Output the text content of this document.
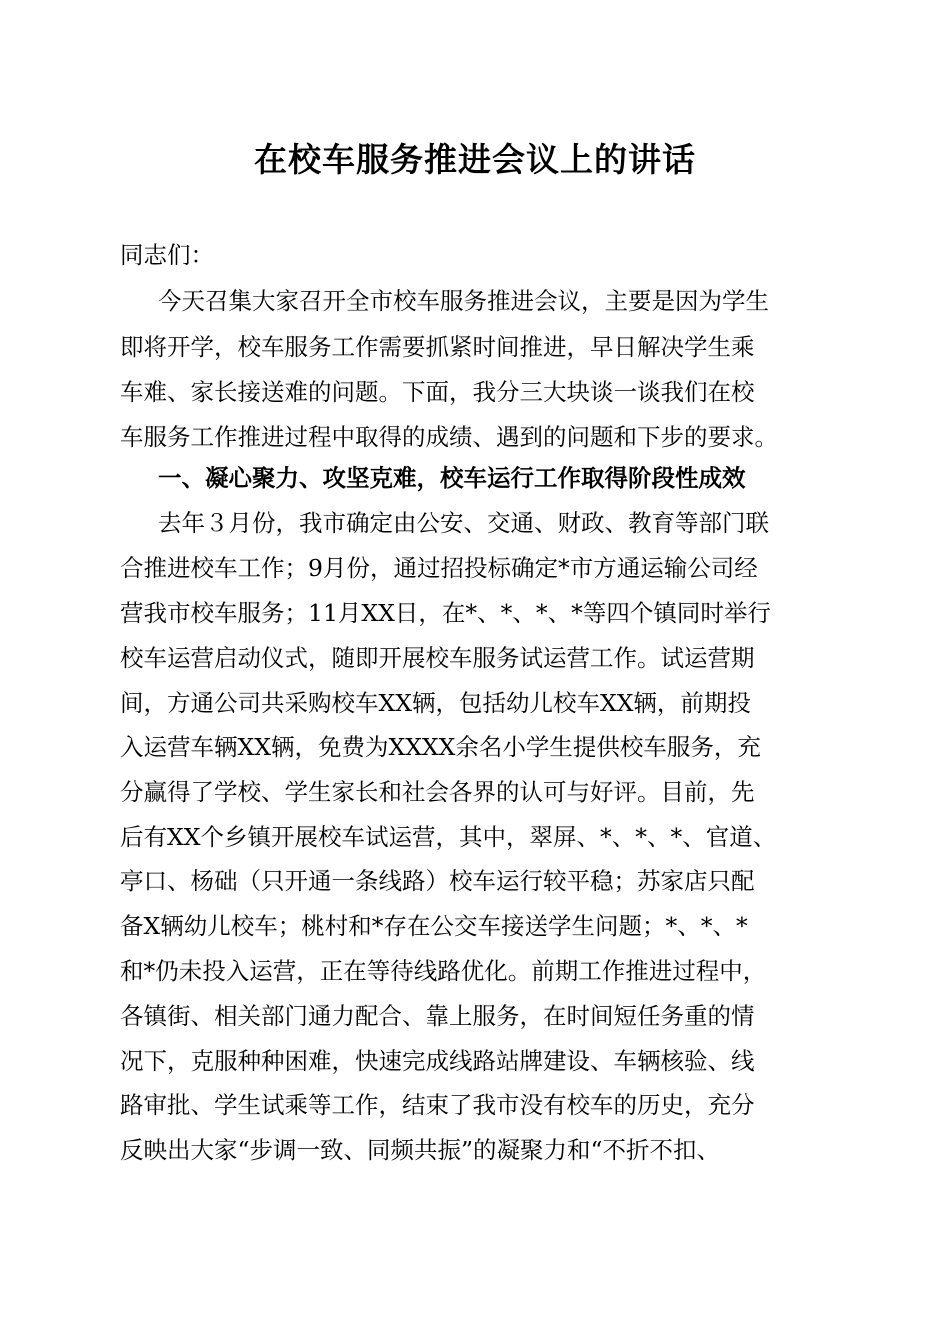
在校车服务推进会议上的讲话
同志们：
今天召集大家召开全市校车服务推进会议，主要是因为学生
即将开学，校车服务工作需要抓紧时间推进，早日解决学生乘
车难、家长接送难的问题。下面，我分三大块谈一谈我们在校
车服务工作推进过程中取得的成绩、遇到的问题和下步的要求。
一、凝心聚力、攻坚克难，校车运行工作取得阶段性成效
去年３月份，我市确定由公安、交通、财政、教育等部门联
合推进校车工作；9月份，通过招投标确定*市方通运输公司经
营我市校车服务；11月XX日，在*、*、*、*等四个镇同时举行
校车运营启动仪式，随即开展校车服务试运营工作。试运营期
间，方通公司共采购校车XX辆，包括幼儿校车XX辆，前期投
入运营车辆XX辆，免费为XXXX余名小学生提供校车服务，充
分赢得了学校、学生家长和社会各界的认可与好评。目前，先
后有XX个乡镇开展校车试运营，其中，翠屏、*、*、*、官道、
亭口、杨础（只开通一条线路）校车运行较平稳；苏家店只配
备X辆幼儿校车；桃村和*存在公交车接送学生问题；*、*、*
和*仍未投入运营，正在等待线路优化。前期工作推进过程中，
各镇街、相关部门通力配合、靠上服务，在时间短任务重的情
况下，克服种种困难，快速完成线路站牌建设、车辆核验、线
路审批、学生试乘等工作，结束了我市没有校车的历史，充分
反映出大家“步调一致、同频共振”的凝聚力和“不折不扣、
